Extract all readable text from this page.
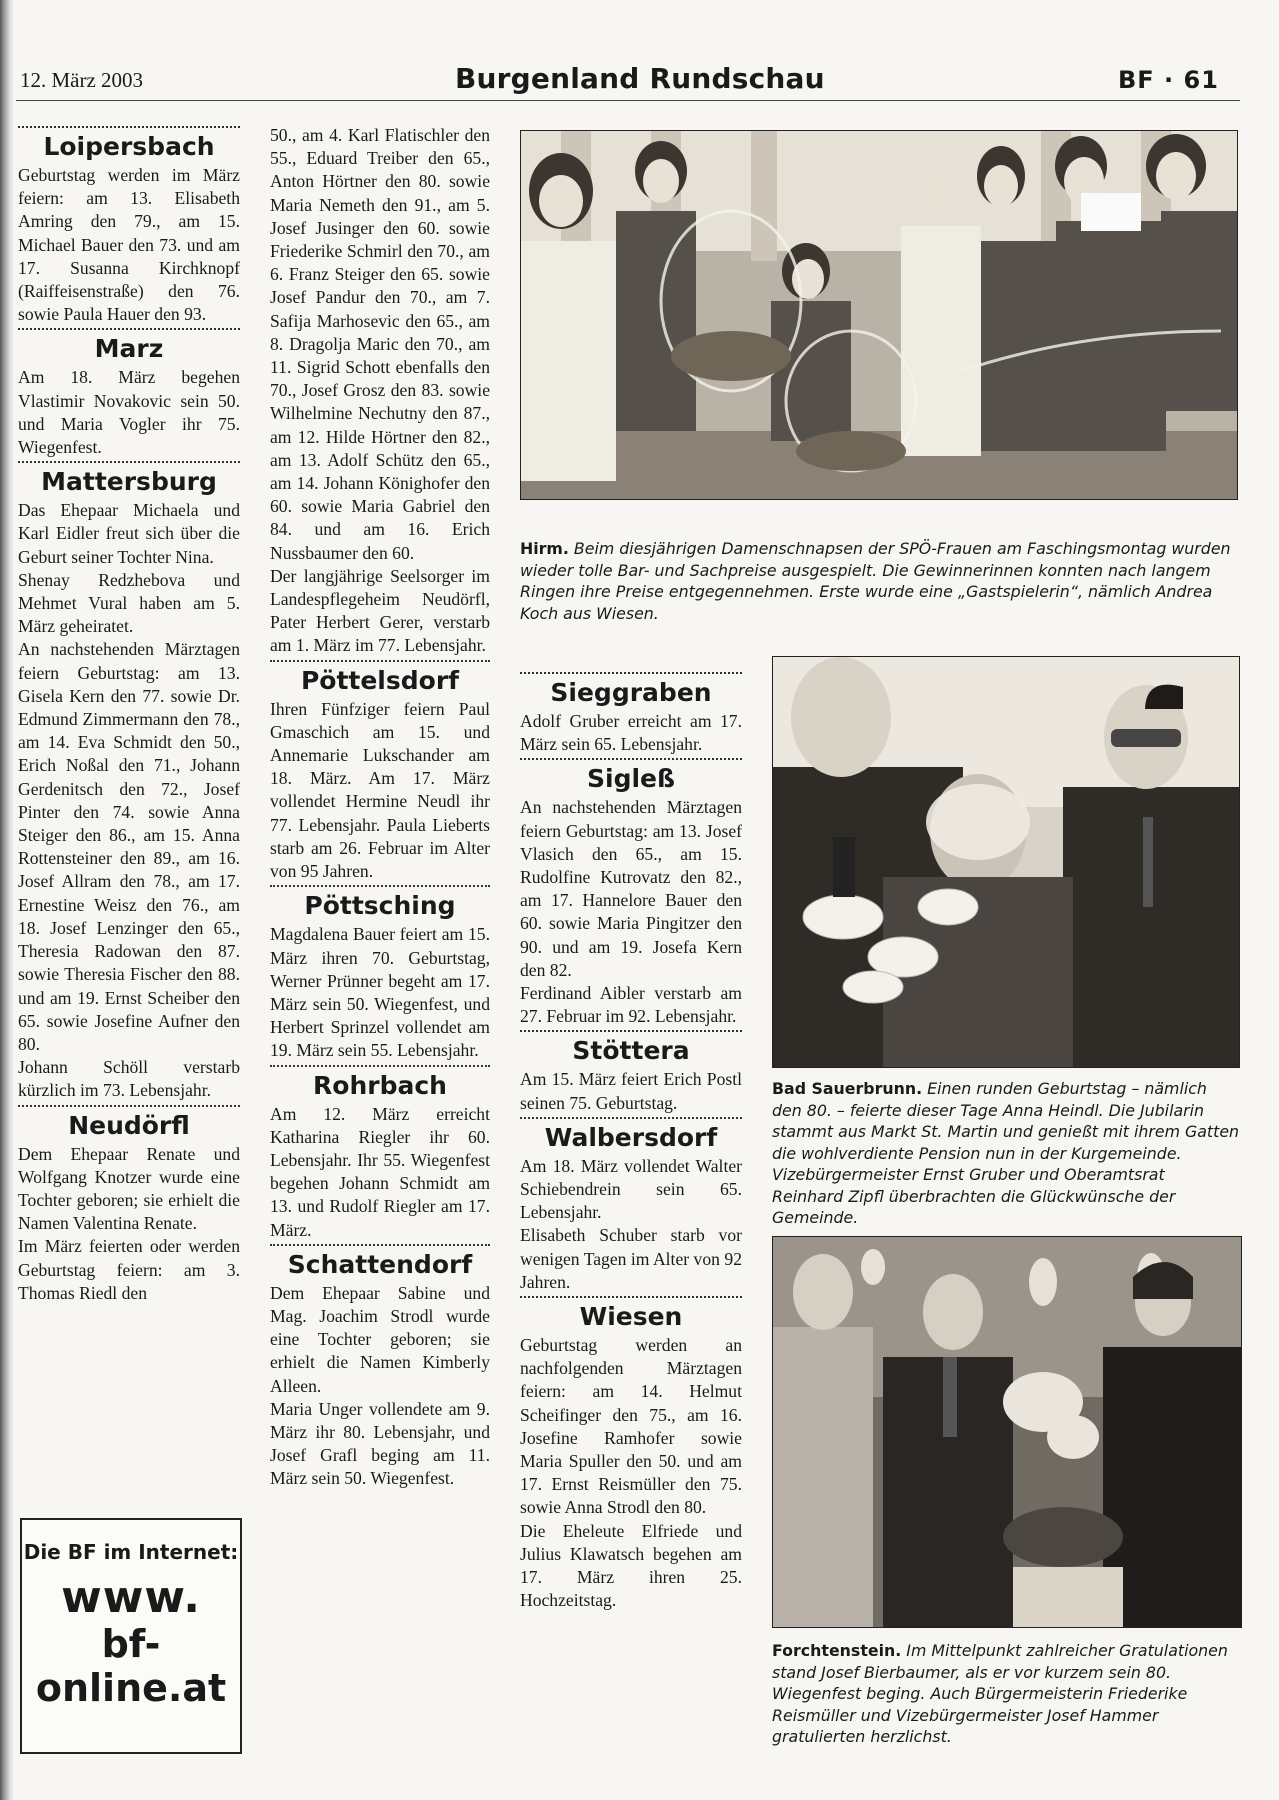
12. März 2003	Burgenland Rundschau	BF · 61
Loipersbach

Geburtstag werden im März feiern: am 13. Elisabeth Amring den 79., am 15. Michael Bauer den 73. und am 17. Susanna Kirchknopf (Raiffeisenstraße) den 76. sowie Paula Hauer den 93.

Marz

Am 18. März begehen Vlastimir Novakovic sein 50. und Maria Vogler ihr 75. Wiegenfest.

Mattersburg

Das Ehepaar Michaela und Karl Eidler freut sich über die Geburt seiner Tochter Nina.

Shenay Redzhebova und Mehmet Vural haben am 5. März geheiratet.

An nachstehenden Märztagen feiern Geburtstag: am 13. Gisela Kern den 77. sowie Dr. Edmund Zimmermann den 78., am 14. Eva Schmidt den 50., Erich Noßal den 71., Johann Gerdenitsch den 72., Josef Pinter den 74. sowie Anna Steiger den 86., am 15. Anna Rottensteiner den 89., am 16. Josef Allram den 78., am 17. Ernestine Weisz den 76., am 18. Josef Lenzinger den 65., Theresia Radowan den 87. sowie Theresia Fischer den 88. und am 19. Ernst Scheiber den 65. sowie Josefine Aufner den 80.

Johann Schöll verstarb kürzlich im 73. Lebensjahr.

Neudörfl

Dem Ehepaar Renate und Wolfgang Knotzer wurde eine Tochter geboren; sie erhielt die Namen Valentina Renate.

Im März feierten oder werden Geburtstag feiern: am 3. Thomas Riedl den

50., am 4. Karl Flatischler den 55., Eduard Treiber den 65., Anton Hörtner den 80. sowie Maria Nemeth den 91., am 5. Josef Jusinger den 60. sowie Friederike Schmirl den 70., am 6. Franz Steiger den 65. sowie Josef Pandur den 70., am 7. Safija Marhosevic den 65., am 8. Dragolja Maric den 70., am 11. Sigrid Schott ebenfalls den 70., Josef Grosz den 83. sowie Wilhelmine Nechutny den 87., am 12. Hilde Hörtner den 82., am 13. Adolf Schütz den 65., am 14. Johann Könighofer den 60. sowie Maria Gabriel den 84. und am 16. Erich Nussbaumer den 60.

Der langjährige Seelsorger im Landespflegeheim Neudörfl, Pater Herbert Gerer, verstarb am 1. März im 77. Lebensjahr.

Pöttelsdorf

Ihren Fünfziger feiern Paul Gmaschich am 15. und Annemarie Lukschander am 18. März. Am 17. März vollendet Hermine Neudl ihr 77. Lebensjahr. Paula Lieberts starb am 26. Februar im Alter von 95 Jahren.

Pöttsching

Magdalena Bauer feiert am 15. März ihren 70. Geburtstag, Werner Prünner begeht am 17. März sein 50. Wiegenfest, und Herbert Sprinzel vollendet am 19. März sein 55. Lebensjahr.

Rohrbach

Am 12. März erreicht Katharina Riegler ihr 60. Lebensjahr. Ihr 55. Wiegenfest begehen Johann Schmidt am 13. und Rudolf Riegler am 17. März.

Schattendorf

Dem Ehepaar Sabine und Mag. Joachim Strodl wurde eine Tochter geboren; sie erhielt die Namen Kimberly Alleen.

Maria Unger vollendete am 9. März ihr 80. Lebensjahr, und Josef Grafl beging am 11. März sein 50. Wiegenfest.

Sieggraben

Adolf Gruber erreicht am 17. März sein 65. Lebensjahr.

Sigleß

An nachstehenden Märztagen feiern Geburtstag: am 13. Josef Vlasich den 65., am 15. Rudolfine Kutrovatz den 82., am 17. Hannelore Bauer den 60. sowie Maria Pingitzer den 90. und am 19. Josefa Kern den 82.

Ferdinand Aibler verstarb am 27. Februar im 92. Lebensjahr.

Stöttera

Am 15. März feiert Erich Postl seinen 75. Geburtstag.

Walbersdorf

Am 18. März vollendet Walter Schiebendrein sein 65. Lebensjahr.

Elisabeth Schuber starb vor wenigen Tagen im Alter von 92 Jahren.

Wiesen

Geburtstag werden an nachfolgenden Märztagen feiern: am 14. Helmut Scheifinger den 75., am 16. Josefine Ramhofer sowie Maria Spuller den 50. und am 17. Ernst Reismüller den 75. sowie Anna Strodl den 80.

Die Eheleute Elfriede und Julius Klawatsch begehen am 17. März ihren 25. Hochzeitstag.

Hirm. Beim diesjährigen Damenschnapsen der SPÖ-Frauen am Faschingsmontag wurden wieder tolle Bar- und Sachpreise ausgespielt. Die Gewinnerinnen konnten nach langem Ringen ihre Preise entgegennehmen. Erste wurde eine „Gastspielerin“, nämlich Andrea Koch aus Wiesen.
Bad Sauerbrunn. Einen runden Geburtstag – nämlich den 80. – feierte dieser Tage Anna Heindl. Die Jubilarin stammt aus Markt St. Martin und genießt mit ihrem Gatten die wohlverdiente Pension nun in der Kurgemeinde. Vizebürgermeister Ernst Gruber und Oberamtsrat Reinhard Zipfl überbrachten die Glückwünsche der Gemeinde.
Forchtenstein. Im Mittelpunkt zahlreicher Gratulationen stand Josef Bierbaumer, als er vor kurzem sein 80. Wiegenfest beging. Auch Bürgermeisterin Friederike Reismüller und Vizebürgermeister Josef Hammer gratulierten herzlichst.
Die BF im Internet:
www.
bf-
online.at
